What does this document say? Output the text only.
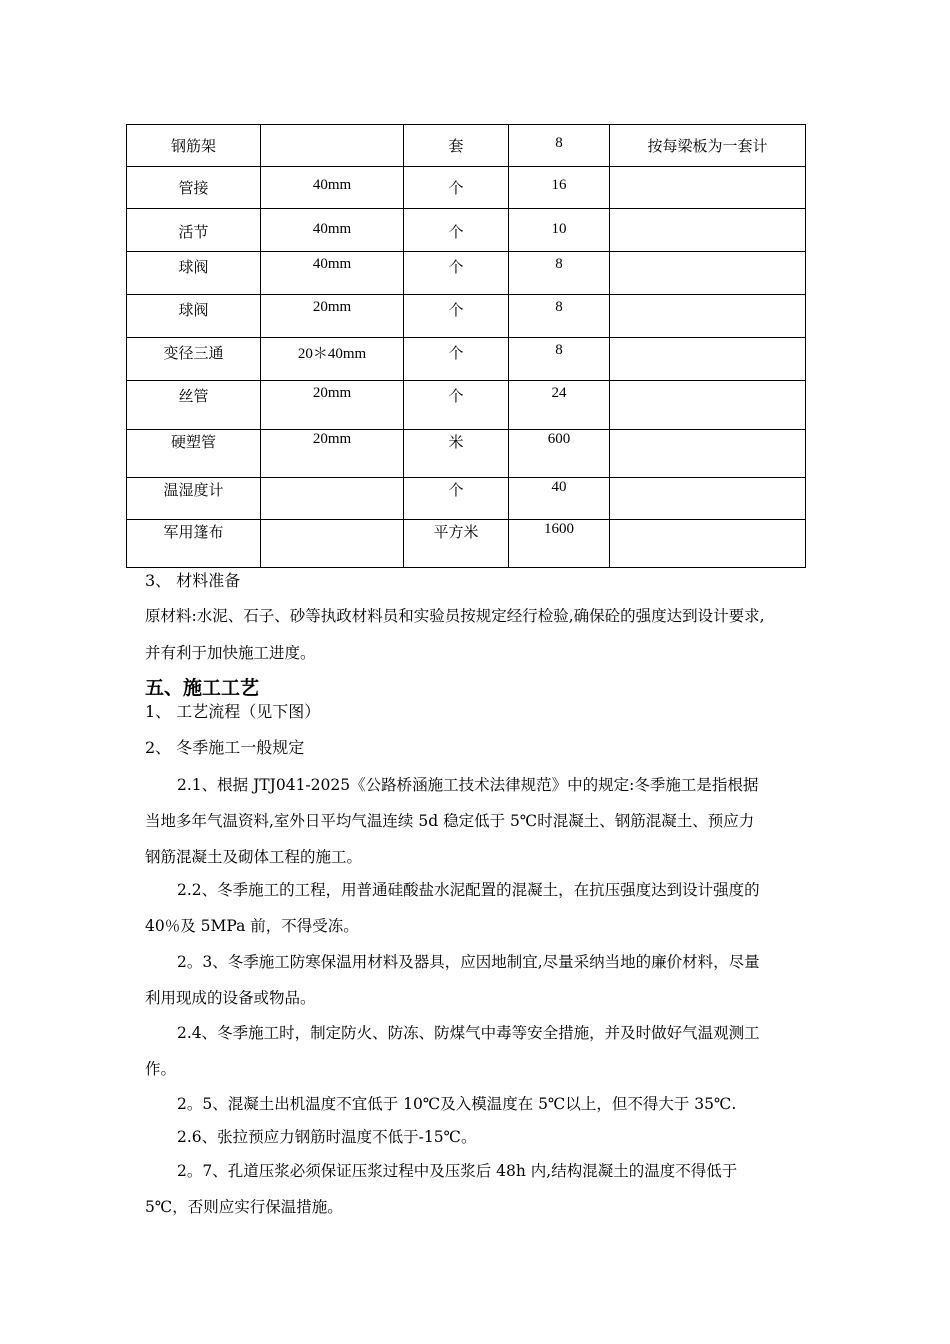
钢筋架		套	8	按每梁板为一套计
管接	40mm	个	16	
活节	40mm	个	10	
球阀	40mm	个	8	
球阀	20mm	个	8	
变径三通	20＊40mm	个	8	
丝管	20mm	个	24	
硬塑管	20mm	米	600	
温湿度计		个	40	
军用篷布		平方米	1600	
3、 材料准备
原材料:水泥、石子、砂等执政材料员和实验员按规定经行检验,确保砼的强度达到设计要求,
并有利于加快施工进度。
五、施工工艺
1、 工艺流程（见下图）
2、 冬季施工一般规定
2.1、根据 JTJ041-2025《公路桥涵施工技术法律规范》中的规定:冬季施工是指根据
当地多年气温资料,室外日平均气温连续 5d 稳定低于 5℃时混凝土、钢筋混凝土、预应力
钢筋混凝土及砌体工程的施工。
2.2、冬季施工的工程，用普通硅酸盐水泥配置的混凝土，在抗压强度达到设计强度的
40％及 5MPa 前，不得受冻。
2。3、冬季施工防寒保温用材料及器具，应因地制宜,尽量采纳当地的廉价材料，尽量
利用现成的设备或物品。
2.4、冬季施工时，制定防火、防冻、防煤气中毒等安全措施，并及时做好气温观测工
作。
2。5、混凝土出机温度不宜低于 10℃及入模温度在 5℃以上，但不得大于 35℃.
2.6、张拉预应力钢筋时温度不低于-15℃。
2。7、孔道压浆必须保证压浆过程中及压浆后 48h 内,结构混凝土的温度不得低于
5℃，否则应实行保温措施。
